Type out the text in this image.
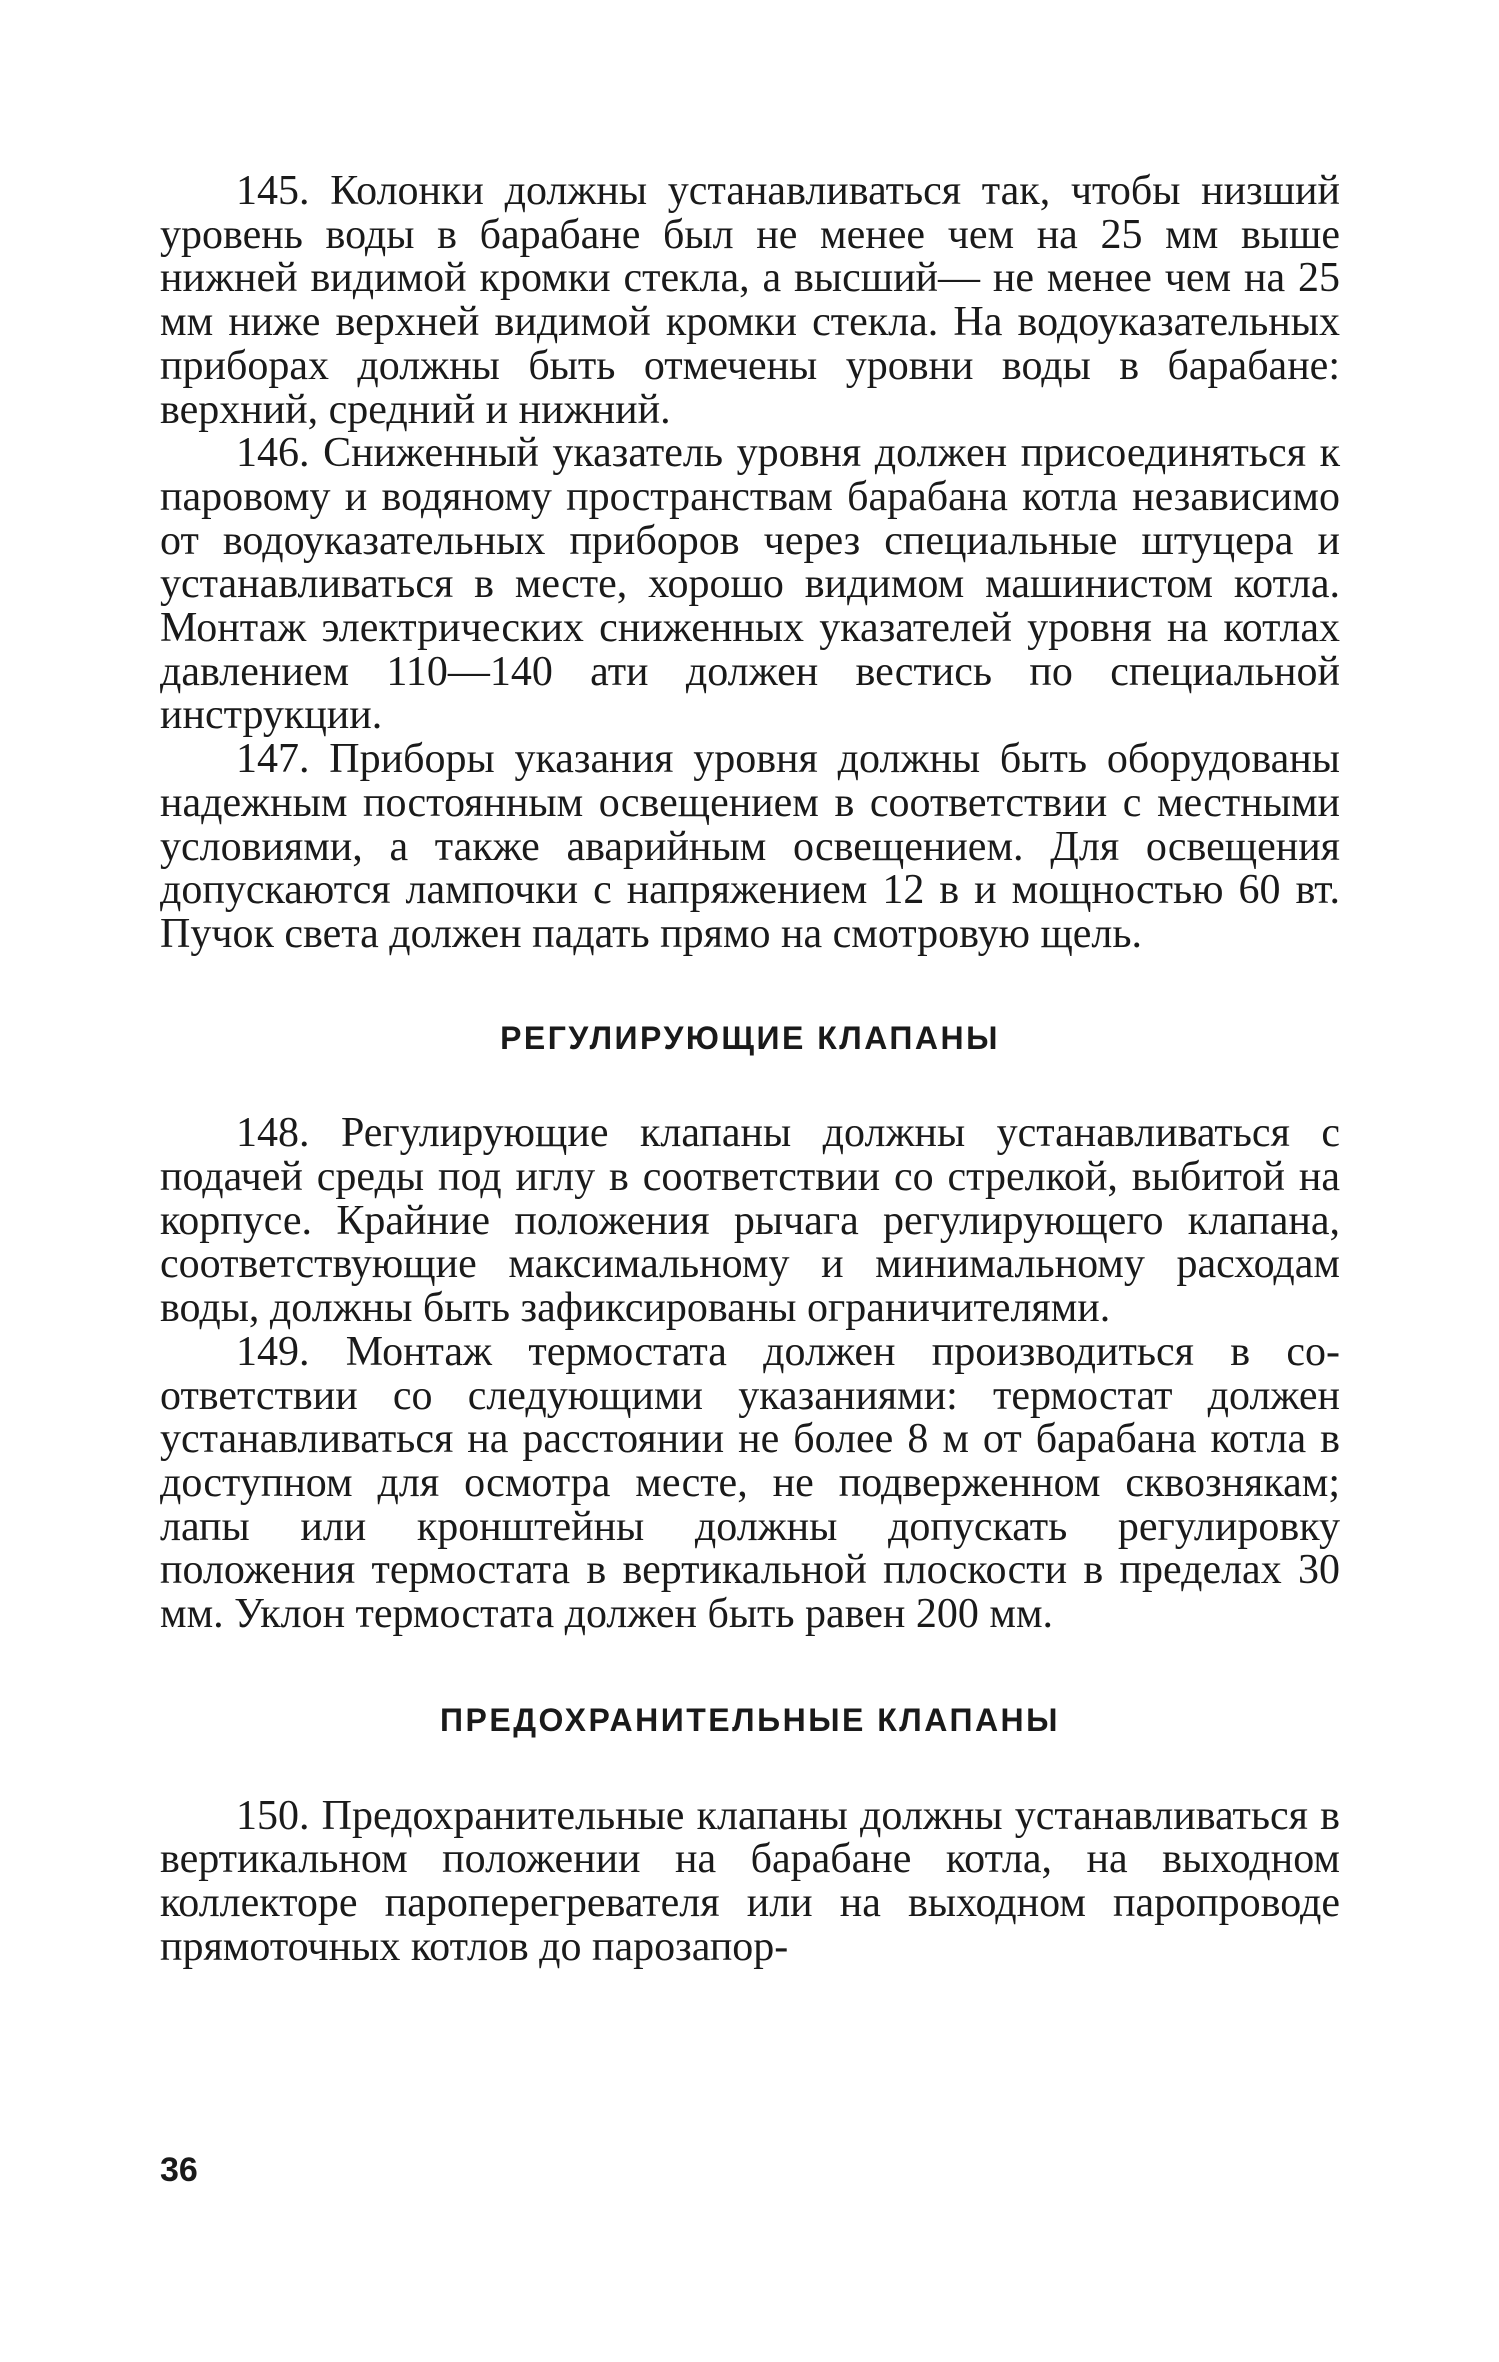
145. Колонки должны устанавливаться так, чтобы низший уровень воды в барабане был не менее чем на 25 мм выше нижней видимой кромки стекла, а высший— не менее чем на 25 мм ниже верхней видимой кромки стекла. На водоуказательных приборах должны быть отмечены уровни воды в барабане: верхний, средний и нижний.

146. Сниженный указатель уровня должен присоединяться к паровому и водяному пространствам барабана котла независимо от водоуказательных приборов через специальные штуцера и устанавливаться в месте, хорошо видимом машинистом котла. Монтаж электрических сниженных указателей уровня на котлах давлением 110—140 ати должен вестись по специальной инструкции.

147. Приборы указания уровня должны быть оборудованы надежным постоянным освещением в соответствии с местными условиями, а также аварийным освещением. Для освещения допускаются лампочки с напряжением 12 в и мощностью 60 вт. Пучок света должен падать прямо на смотровую щель.

РЕГУЛИРУЮЩИЕ КЛАПАНЫ

148. Регулирующие клапаны должны устанавливаться с подачей среды под иглу в соответствии со стрелкой, выбитой на корпусе. Крайние положения рычага регулирующего клапана, соответствующие максимальному и минимальному расходам воды, должны быть зафиксированы ограничителями.

149. Монтаж термостата должен производиться в соответствии со следующими указаниями: термостат должен устанавливаться на расстоянии не более 8 м от барабана котла в доступном для осмотра месте, не подверженном сквознякам; лапы или кронштейны должны допускать регулировку положения термостата в вертикальной плоскости в пределах 30 мм. Уклон термостата должен быть равен 200 мм.

ПРЕДОХРАНИТЕЛЬНЫЕ КЛАПАНЫ

150. Предохранительные клапаны должны устанавливаться в вертикальном положении на барабане котла, на выходном коллекторе пароперегревателя или на выходном паропроводе прямоточных котлов до парозапор-

36
